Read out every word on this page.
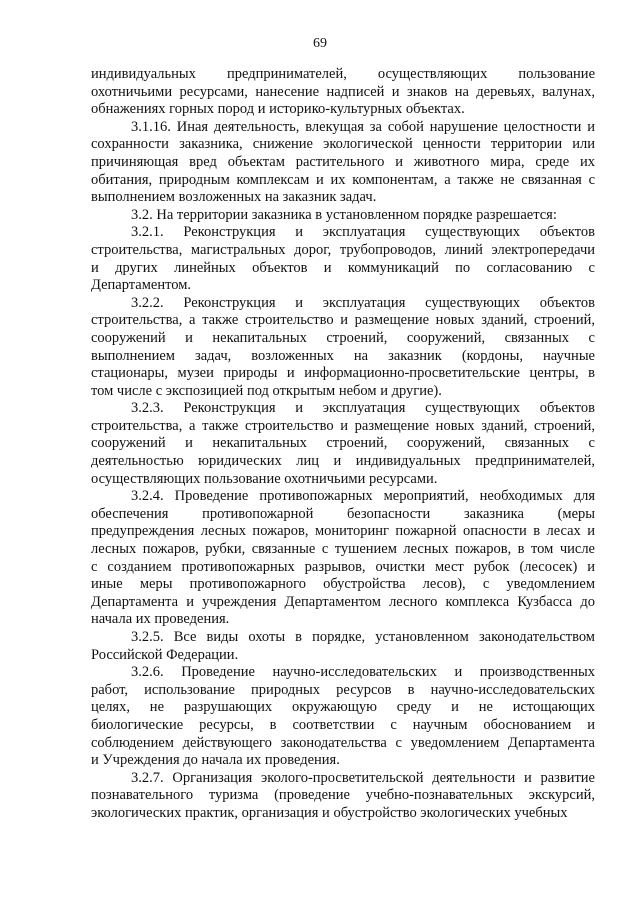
69
индивидуальных предпринимателей, осуществляющих пользование
охотничьими ресурсами, нанесение надписей и знаков на деревьях, валунах,
обнажениях горных пород и историко-культурных объектах.
3.1.16. Иная деятельность, влекущая за собой нарушение целостности и
сохранности заказника, снижение экологической ценности территории или
причиняющая вред объектам растительного и животного мира, среде их
обитания, природным комплексам и их компонентам, а также не связанная с
выполнением возложенных на заказник задач.
3.2. На территории заказника в установленном порядке разрешается:
3.2.1. Реконструкция и эксплуатация существующих объектов
строительства, магистральных дорог, трубопроводов, линий электропередачи
и других линейных объектов и коммуникаций по согласованию с
Департаментом.
3.2.2. Реконструкция и эксплуатация существующих объектов
строительства, а также строительство и размещение новых зданий, строений,
сооружений и некапитальных строений, сооружений, связанных с
выполнением задач, возложенных на заказник (кордоны, научные
стационары, музеи природы и информационно-просветительские центры, в
том числе с экспозицией под открытым небом и другие).
3.2.3. Реконструкция и эксплуатация существующих объектов
строительства, а также строительство и размещение новых зданий, строений,
сооружений и некапитальных строений, сооружений, связанных с
деятельностью юридических лиц и индивидуальных предпринимателей,
осуществляющих пользование охотничьими ресурсами.
3.2.4. Проведение противопожарных мероприятий, необходимых для
обеспечения противопожарной безопасности заказника (меры
предупреждения лесных пожаров, мониторинг пожарной опасности в лесах и
лесных пожаров, рубки, связанные с тушением лесных пожаров, в том числе
с созданием противопожарных разрывов, очистки мест рубок (лесосек) и
иные меры противопожарного обустройства лесов), с уведомлением
Департамента и учреждения Департаментом лесного комплекса Кузбасса до
начала их проведения.
3.2.5. Все виды охоты в порядке, установленном законодательством
Российской Федерации.
3.2.6. Проведение научно-исследовательских и производственных
работ, использование природных ресурсов в научно-исследовательских
целях, не разрушающих окружающую среду и не истощающих
биологические ресурсы, в соответствии с научным обоснованием и
соблюдением действующего законодательства с уведомлением Департамента
и Учреждения до начала их проведения.
3.2.7. Организация эколого-просветительской деятельности и развитие
познавательного туризма (проведение учебно-познавательных экскурсий,
экологических практик, организация и обустройство экологических учебных
